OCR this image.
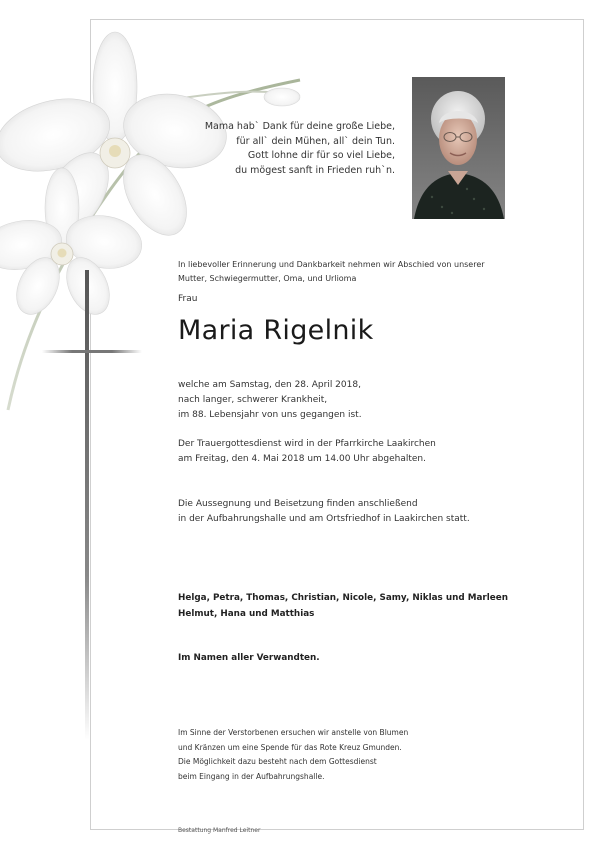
Mama hab` Dank für deine große Liebe,
für all` dein Mühen, all` dein Tun.
Gott lohne dir für so viel Liebe,
du mögest sanft in Frieden ruh`n.
In liebevoller Erinnerung und Dankbarkeit nehmen wir Abschied von unserer
Mutter, Schwiegermutter, Oma, und Urlioma
Frau
Maria Rigelnik
welche am Samstag, den 28. April 2018,
nach langer, schwerer Krankheit,
im 88. Lebensjahr von uns gegangen ist.
Der Trauergottesdienst wird in der Pfarrkirche Laakirchen
am Freitag, den 4. Mai 2018 um 14.00 Uhr abgehalten.
Die Aussegnung und Beisetzung finden anschließend
in der Aufbahrungshalle und am Ortsfriedhof in Laakirchen statt.
Helga, Petra, Thomas, Christian, Nicole, Samy, Niklas und Marleen
Helmut, Hana und Matthias
Im Namen aller Verwandten.
Im Sinne der Verstorbenen ersuchen wir anstelle von Blumen
und Kränzen um eine Spende für das Rote Kreuz Gmunden.
Die Möglichkeit dazu besteht nach dem Gottesdienst
beim Eingang in der Aufbahrungshalle.
Bestattung Manfred Leitner
